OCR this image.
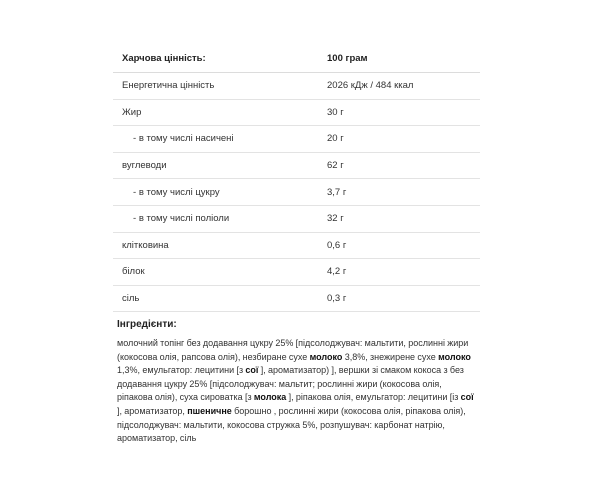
Харчова цінність:	100 грам
Енергетична цінність	2026 кДж / 484 ккал
Жир	30 г
- в тому числі насичені	20 г
вуглеводи	62 г
- в тому числі цукру	3,7 г
- в тому числі поліоли	32 г
клітковина	0,6 г
білок	4,2 г
сіль	0,3 г

Інгредієнти:

молочний топінг без додавання цукру 25% [підсолоджувач: мальтити, рослинні жири (кокосова олія, рапсова олія), незбиране сухе молоко 3,8%, знежирене сухе молоко 1,3%, емульгатор: лецитини [з сої ], ароматизатор) ], вершки зі смаком кокоса з без додавання цукру 25% [підсолоджувач: мальтит; рослинні жири (кокосова олія, ріпакова олія), суха сироватка [з молока ], ріпакова олія, емульгатор: лецитини [із сої ], ароматизатор, пшеничне борошно , рослинні жири (кокосова олія, ріпакова олія), підсолоджувач: мальтити, кокосова стружка 5%, розпушувач: карбонат натрію, ароматизатор, сіль
